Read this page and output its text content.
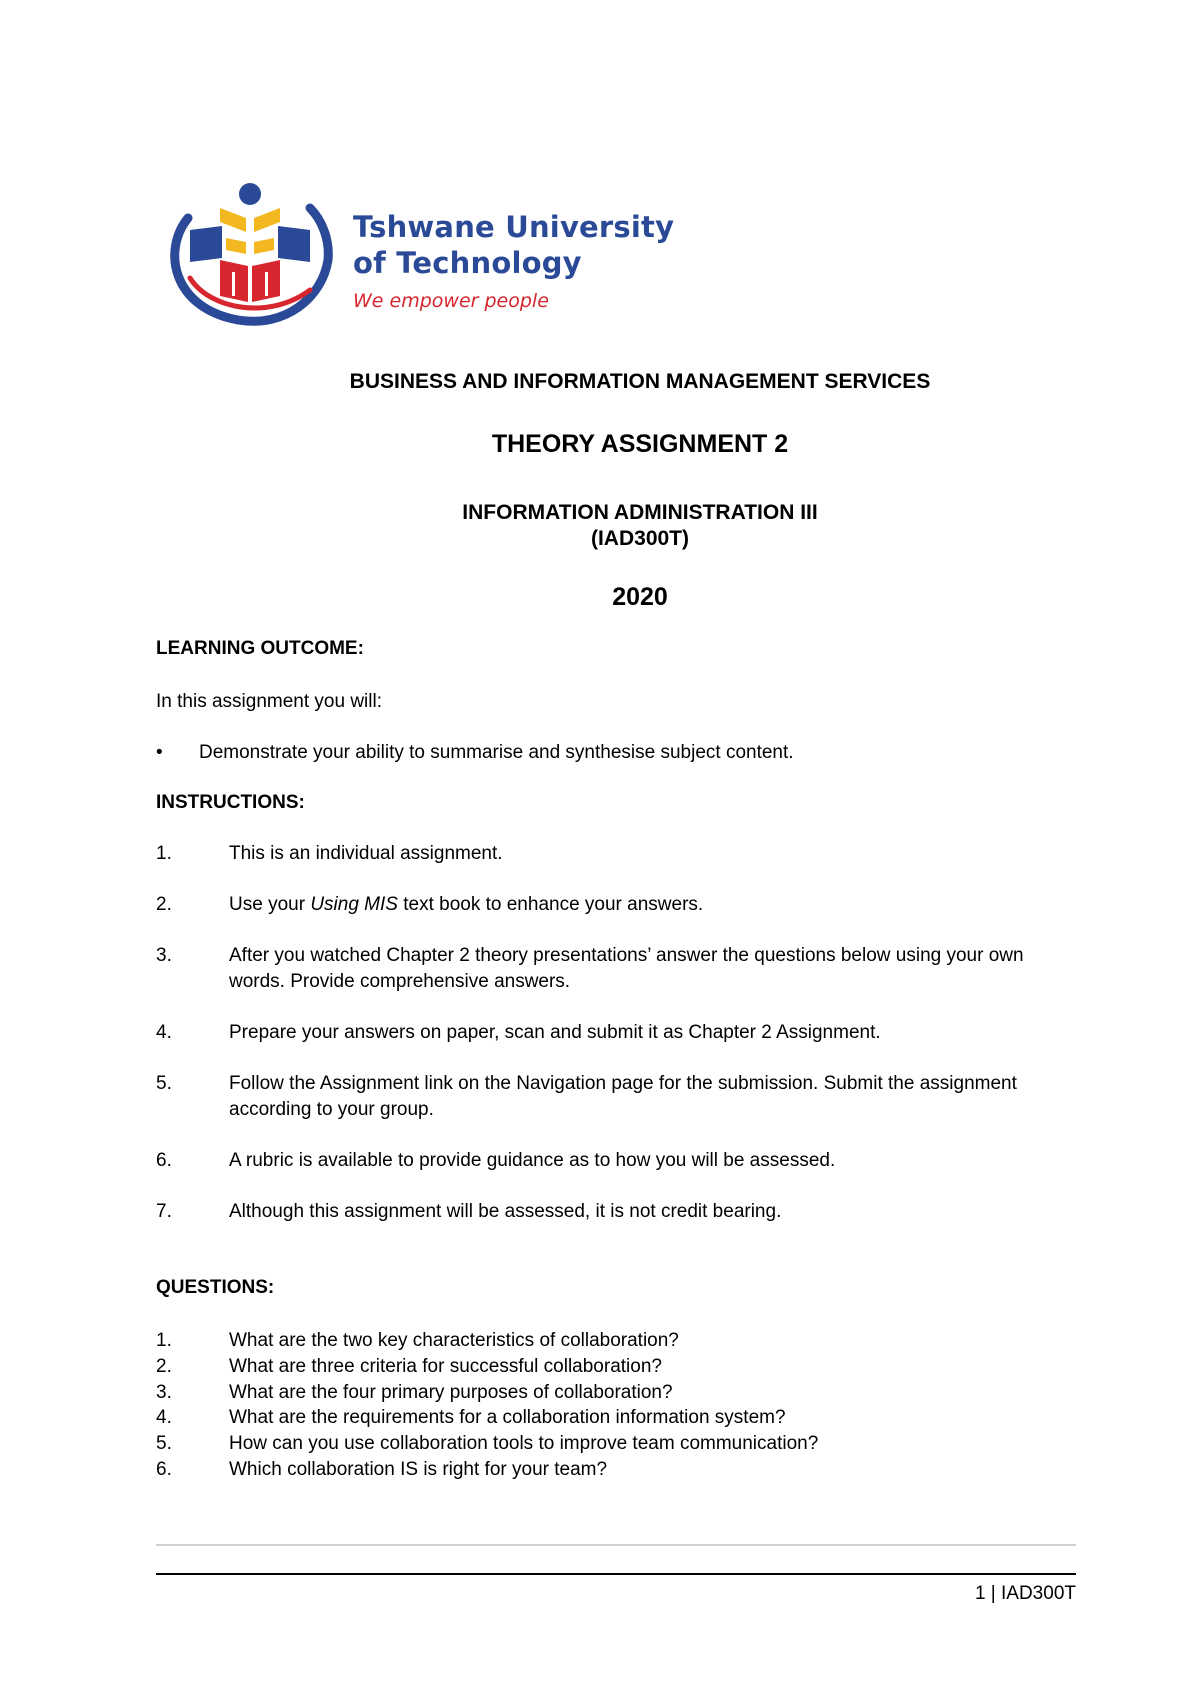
Tshwane University
of Technology
We empower people
BUSINESS AND INFORMATION MANAGEMENT SERVICES
THEORY ASSIGNMENT 2
INFORMATION ADMINISTRATION III
(IAD300T)
2020
LEARNING OUTCOME:
In this assignment you will:
• Demonstrate your ability to summarise and synthesise subject content.
INSTRUCTIONS:
1.	This is an individual assignment.
2.	Use your Using MIS text book to enhance your answers.
3.	After you watched Chapter 2 theory presentations’ answer the questions below using your own words. Provide comprehensive answers.
4.	Prepare your answers on paper, scan and submit it as Chapter 2 Assignment.
5.	Follow the Assignment link on the Navigation page for the submission. Submit the assignment according to your group.
6.	A rubric is available to provide guidance as to how you will be assessed.
7.	Although this assignment will be assessed, it is not credit bearing.
QUESTIONS:
1.	What are the two key characteristics of collaboration?
2.	What are three criteria for successful collaboration?
3.	What are the four primary purposes of collaboration?
4.	What are the requirements for a collaboration information system?
5.	How can you use collaboration tools to improve team communication?
6.	Which collaboration IS is right for your team?
1 | IAD300T
